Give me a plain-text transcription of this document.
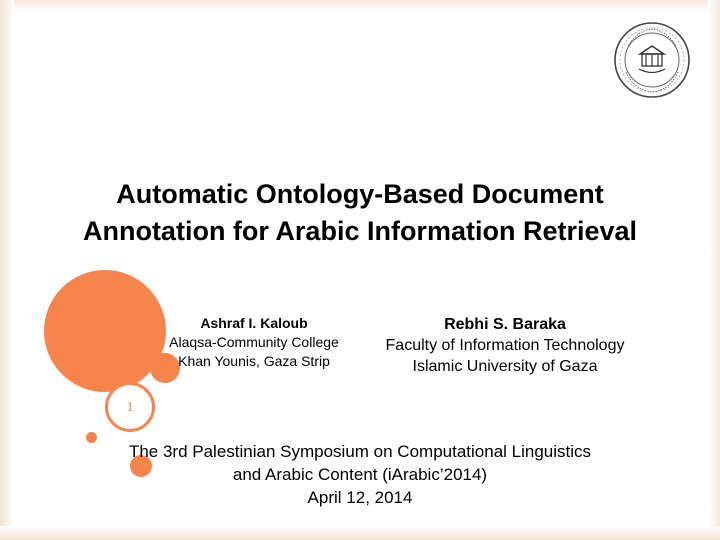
Automatic Ontology-Based Document
Annotation for Arabic Information Retrieval
1
Ashraf I. Kaloub
Alaqsa-Community College
Khan Younis, Gaza Strip
Rebhi S. Baraka
Faculty of Information Technology
Islamic University of Gaza
The 3rd Palestinian Symposium on Computational Linguistics
and Arabic Content (iArabic’2014)
April 12, 2014
